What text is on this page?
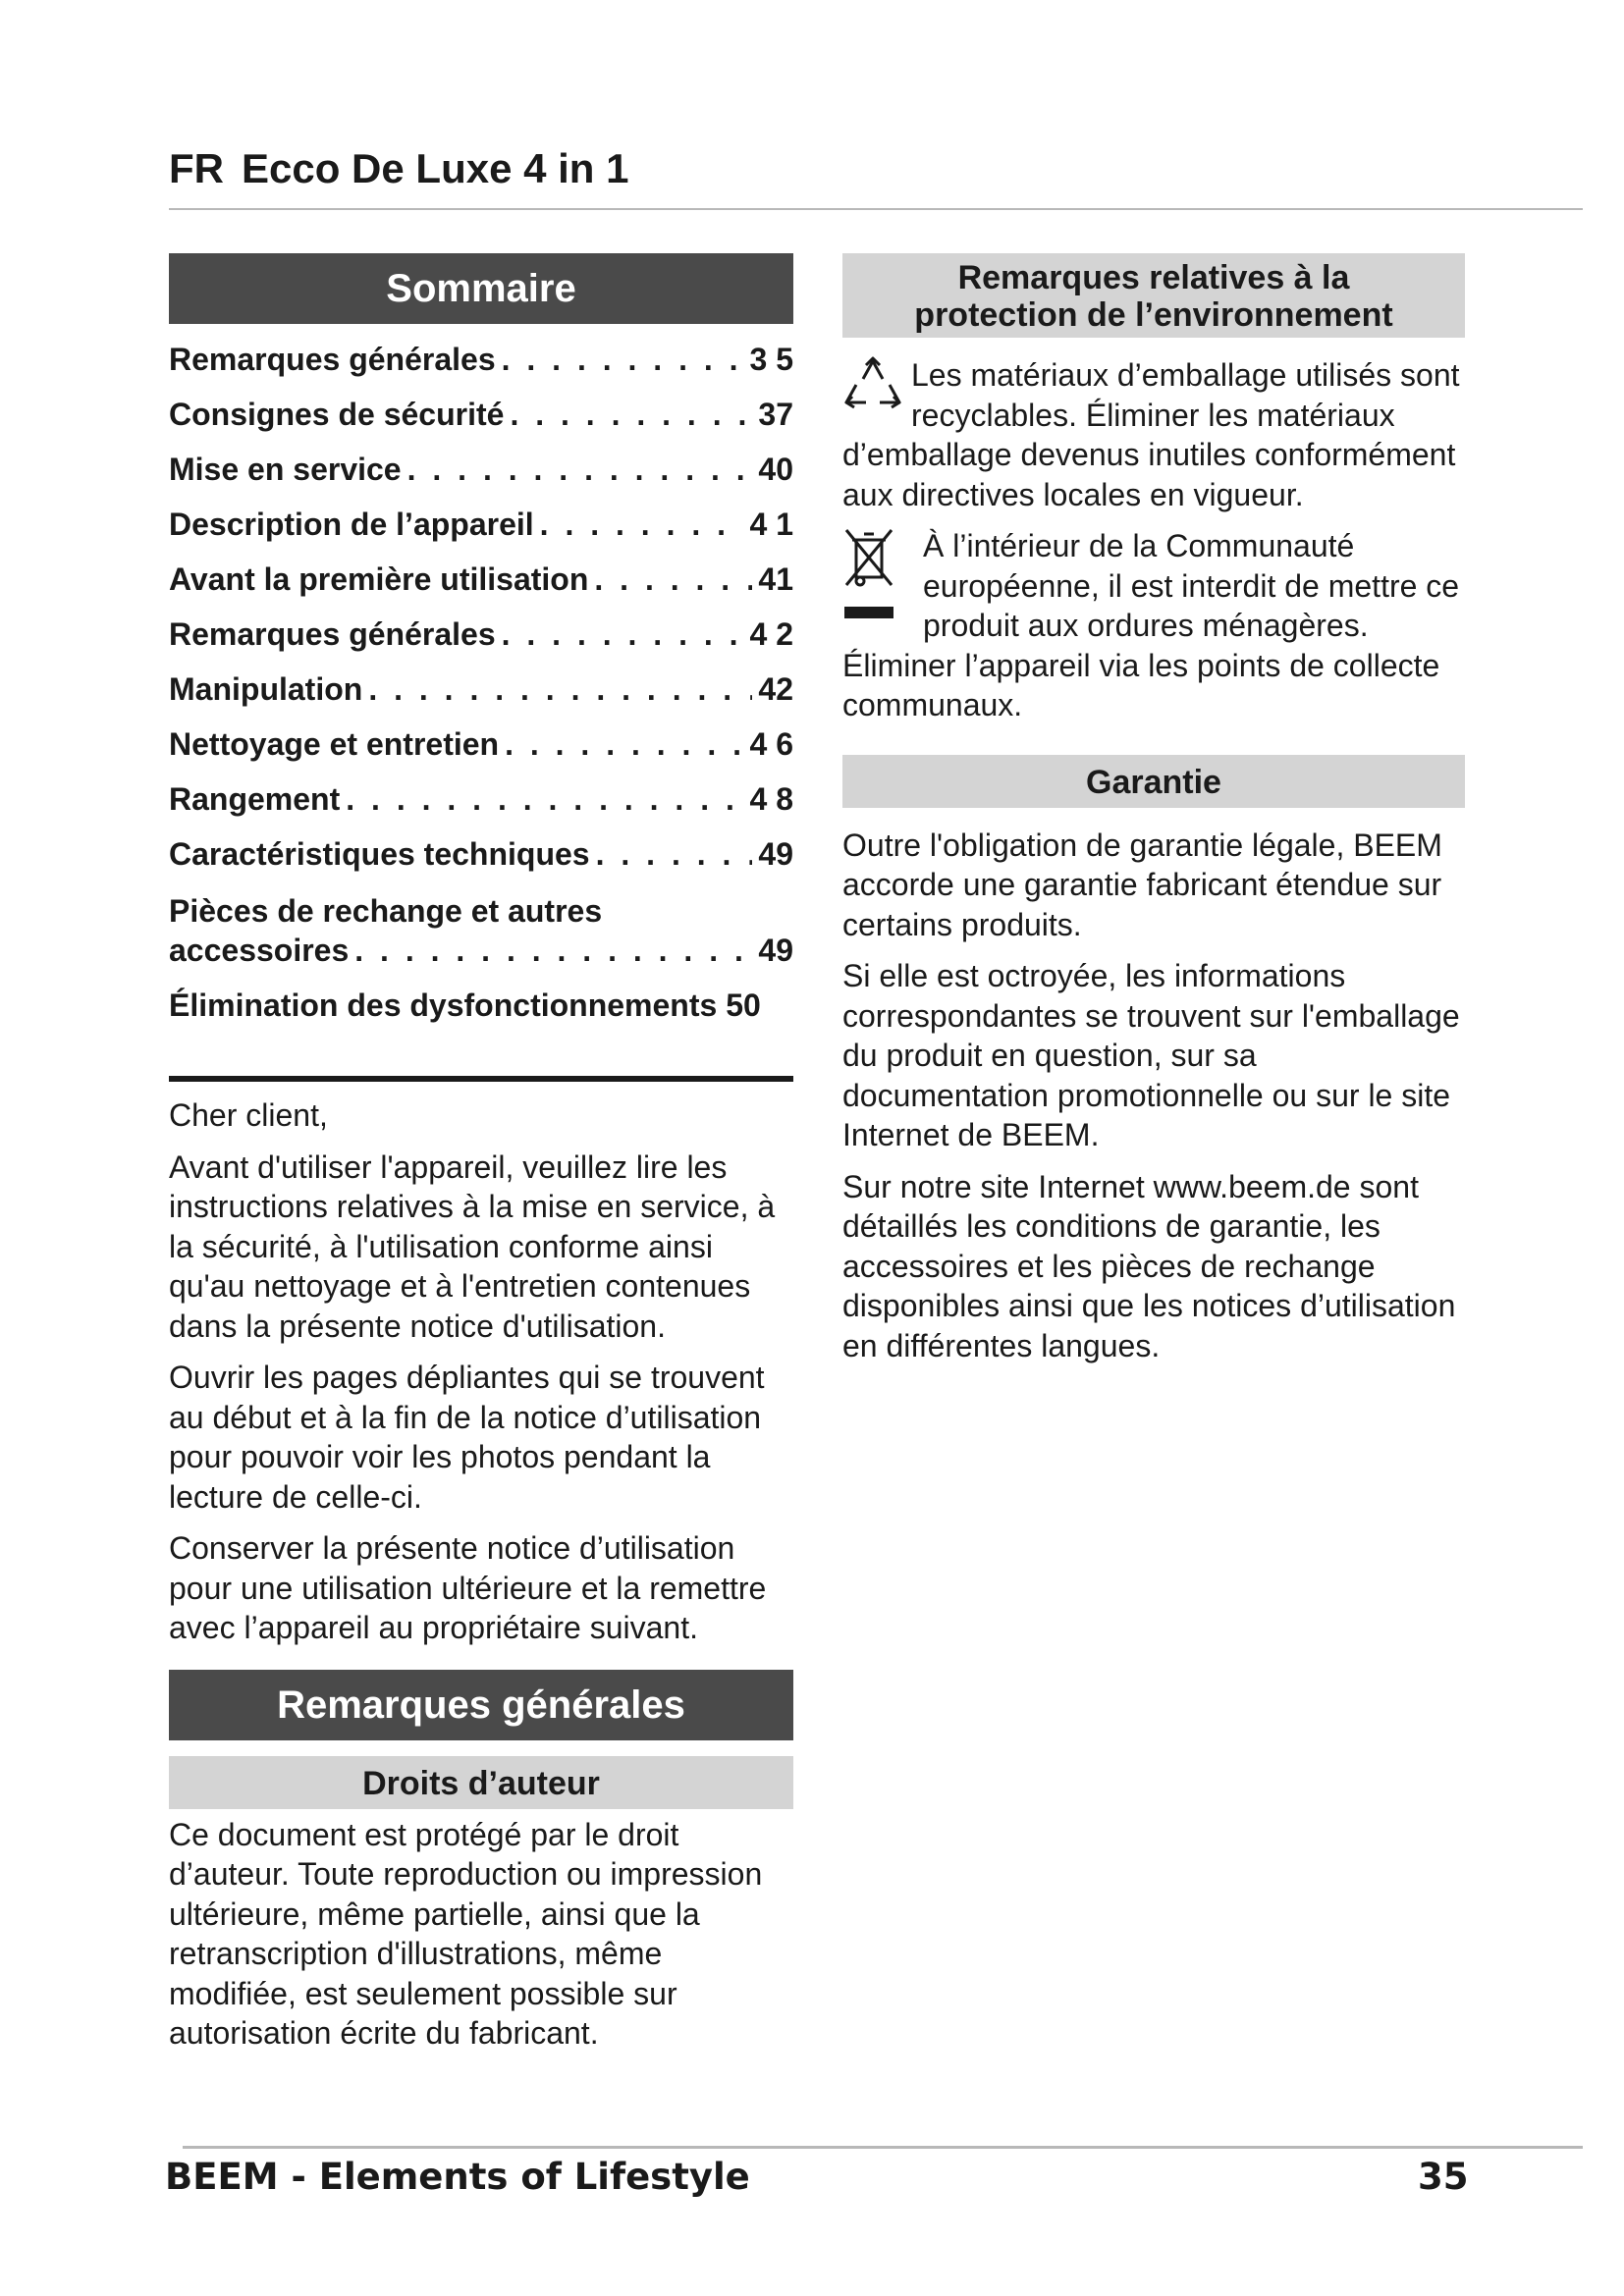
FR Ecco De Luxe 4 in 1
Sommaire
Remarques générales . . .	3 5
Consignes de sécurité . . .	37
Mise en service . . .	40
Description de l’appareil . . .	4 1
Avant la première utilisation . . .	41
Remarques générales . . .	4 2
Manipulation . . .	42
Nettoyage et entretien . . .	4 6
Rangement . . .	4 8
Caractéristiques techniques . . .	49
Pièces de rechange et autres
accessoires . . .	49
Élimination des dysfonctionnements 50

Cher client,

Avant d'utiliser l'appareil, veuillez lire les instructions relatives à la mise en service, à la sécurité, à l'utilisation conforme ainsi qu'au nettoyage et à l'entretien contenues dans la présente notice d'utilisation.

Ouvrir les pages dépliantes qui se trouvent au début et à la fin de la notice d’utilisation pour pouvoir voir les photos pendant la lecture de celle-ci.

Conserver la présente notice d’utilisation pour une utilisation ultérieure et la remettre avec l’appareil au propriétaire suivant.

Remarques générales
Droits d’auteur

Ce document est protégé par le droit d’auteur. Toute reproduction ou impression ultérieure, même partielle, ainsi que la retranscription d'illustrations, même modifiée, est seulement possible sur autorisation écrite du fabricant.

Remarques relatives à la
protection de l’environnement
Les matériaux d’emballage utilisés sont recyclables. Éliminer les matériaux d’emballage devenus inutiles conformément aux directives locales en vigueur.
À l’intérieur de la Communauté européenne, il est interdit de mettre ce produit aux ordures ménagères. Éliminer l’appareil via les points de collecte communaux.
Garantie

Outre l'obligation de garantie légale, BEEM accorde une garantie fabricant étendue sur certains produits.

Si elle est octroyée, les informations correspondantes se trouvent sur l'emballage du produit en question, sur sa documentation promotionnelle ou sur le site Internet de BEEM.

Sur notre site Internet www.beem.de sont détaillés les conditions de garantie, les accessoires et les pièces de rechange disponibles ainsi que les notices d’utilisation en différentes langues.

BEEM - Elements of Lifestyle	35
